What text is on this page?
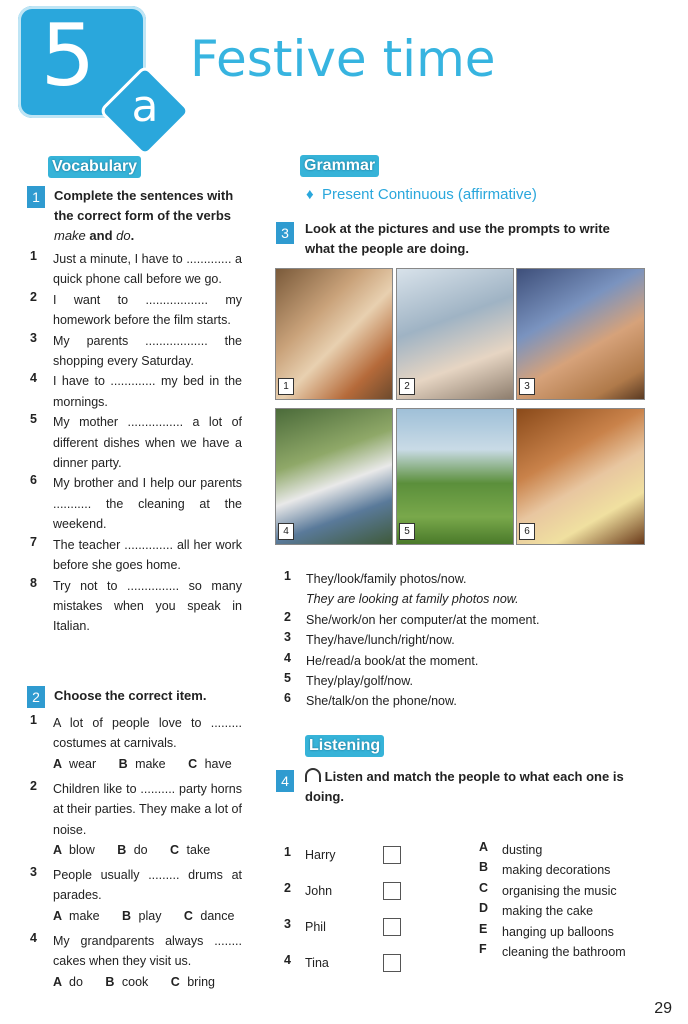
5
a
Festive time
Vocabulary
1	Complete the sentences with
the correct form of the verbs
make and do.
1 Just a minute, I have to ............. a quick phone call before we go.
2 I want to .................. my homework before the film starts.
3 My parents .................. the shopping every Saturday.
4 I have to ............. my bed in the mornings.
5 My mother ................ a lot of different dishes when we have a dinner party.
6 My brother and I help our parents ........... the cleaning at the weekend.
7 The teacher .............. all her work before she goes home.
8 Try not to ............... so many mistakes when you speak in Italian.
2	Choose the correct item.
1 A lot of people love to ......... costumes at carnivals.
A wear B make C have
2 Children like to .......... party horns at their parties. They make a lot of noise.
A blow B do C take
3 People usually ......... drums at parades.
A make B play C dance
4 My grandparents always ........ cakes when they visit us.
A do B cook C bring
Grammar
♦ Present Continuous (affirmative)
3	Look at the pictures and use the prompts to write what the people are doing.
1	2	3
4	5	6
1 They/look/family photos/now.
They are looking at family photos now.
2 She/work/on her computer/at the moment.
3 They/have/lunch/right/now.
4 He/read/a book/at the moment.
5 They/play/golf/now.
6 She/talk/on the phone/now.
Listening
4	Listen and match the people to what each one is doing.
1 Harry
2 John
3 Phil
4 Tina
A dusting
B making decorations
C organising the music
D making the cake
E hanging up balloons
F cleaning the bathroom
29
